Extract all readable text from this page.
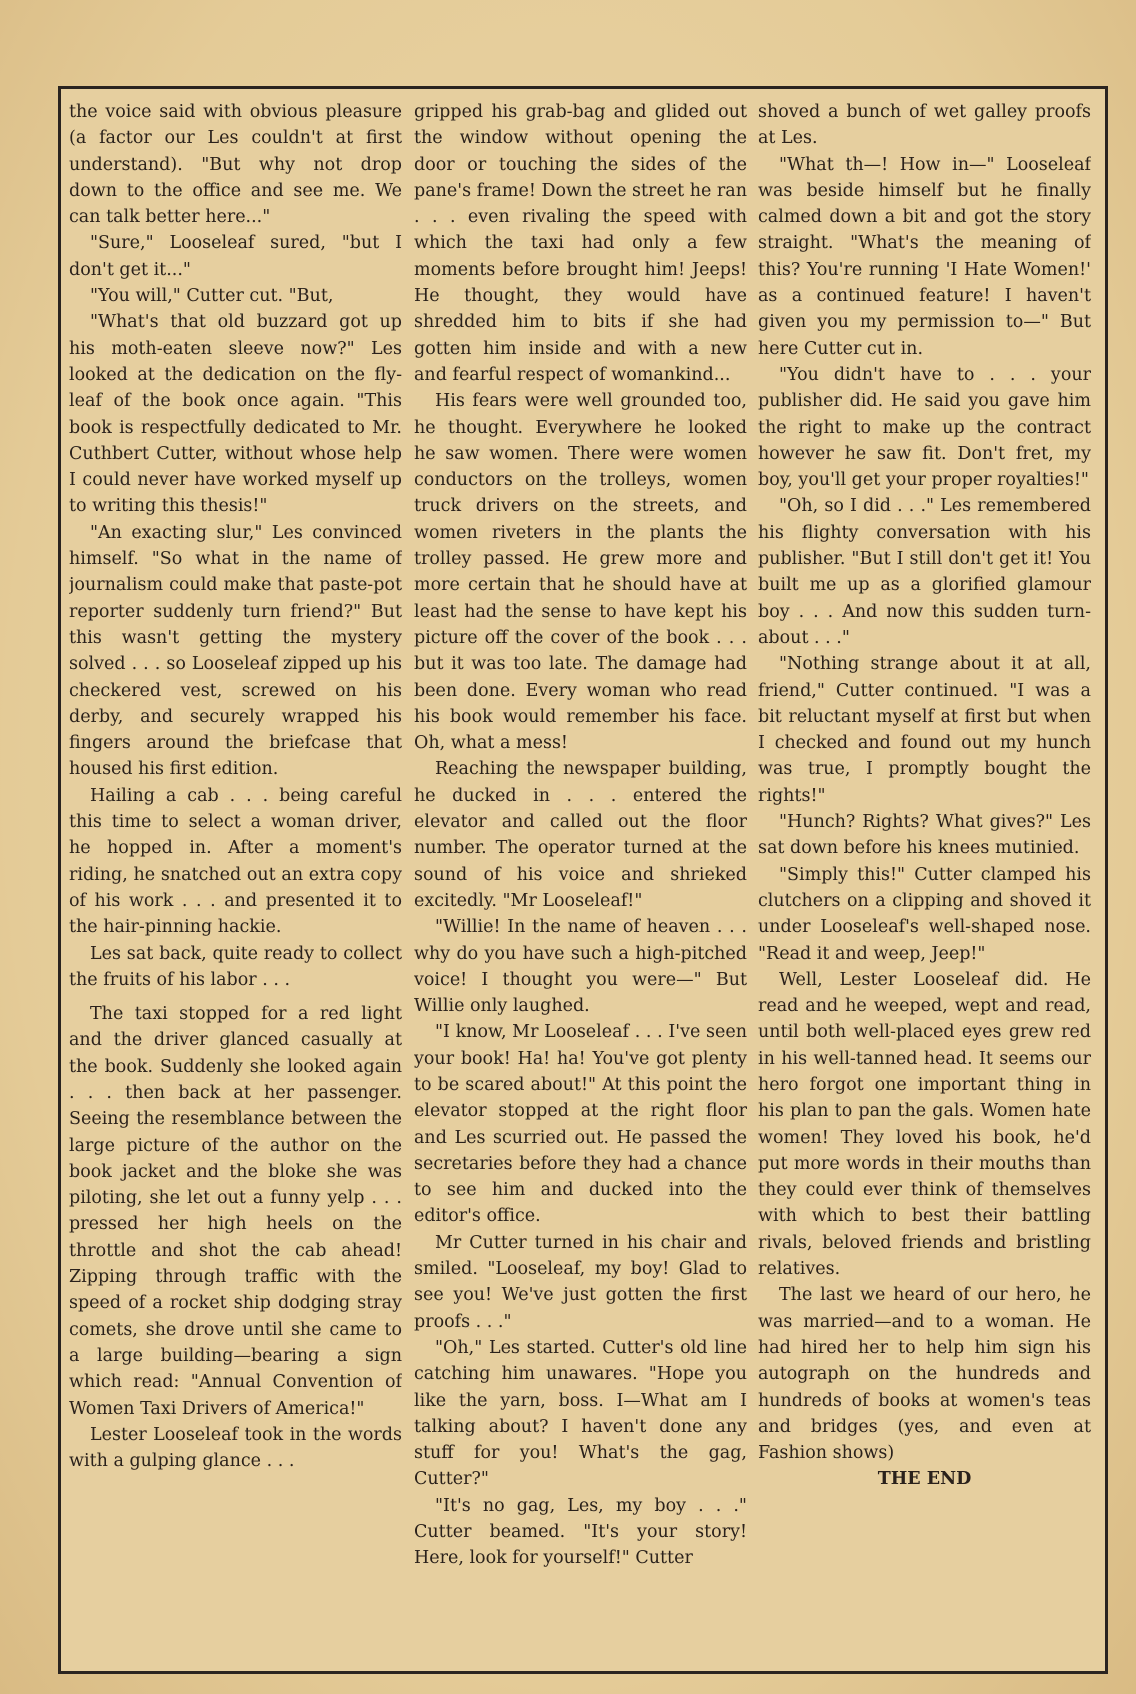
the voice said with obvious pleasure (a factor our Les couldn't at first understand). "But why not drop down to the office and see me. We can talk better here..."

"Sure," Looseleaf sured, "but I don't get it..."

"You will," Cutter cut. "But,

"What's that old buzzard got up his moth-eaten sleeve now?" Les looked at the dedication on the fly-leaf of the book once again. "This book is respectfully dedicated to Mr. Cuthbert Cutter, without whose help I could never have worked myself up to writing this thesis!"

"An exacting slur," Les convinced himself. "So what in the name of journalism could make that paste-pot reporter suddenly turn friend?" But this wasn't getting the mystery solved . . . so Looseleaf zipped up his checkered vest, screwed on his derby, and securely wrapped his fingers around the briefcase that housed his first edition.

Hailing a cab . . . being careful this time to select a woman driver, he hopped in. After a moment's riding, he snatched out an extra copy of his work . . . and presented it to the hair-pinning hackie.

Les sat back, quite ready to collect the fruits of his labor . . .

The taxi stopped for a red light and the driver glanced casually at the book. Suddenly she looked again . . . then back at her passenger. Seeing the resemblance between the large picture of the author on the book jacket and the bloke she was piloting, she let out a funny yelp . . . pressed her high heels on the throttle and shot the cab ahead! Zipping through traffic with the speed of a rocket ship dodging stray comets, she drove until she came to a large building—bearing a sign which read: "Annual Convention of Women Taxi Drivers of America!"

Lester Looseleaf took in the words with a gulping glance . . .

gripped his grab-bag and glided out the window without opening the door or touching the sides of the pane's frame! Down the street he ran . . . even rivaling the speed with which the taxi had only a few moments before brought him! Jeeps! He thought, they would have shredded him to bits if she had gotten him inside and with a new and fearful respect of womankind...

His fears were well grounded too, he thought. Everywhere he looked he saw women. There were women conductors on the trolleys, women truck drivers on the streets, and women riveters in the plants the trolley passed. He grew more and more certain that he should have at least had the sense to have kept his picture off the cover of the book . . . but it was too late. The damage had been done. Every woman who read his book would remember his face. Oh, what a mess!

Reaching the newspaper building, he ducked in . . . entered the elevator and called out the floor number. The operator turned at the sound of his voice and shrieked excitedly. "Mr Looseleaf!"

"Willie! In the name of heaven . . . why do you have such a high-pitched voice! I thought you were—" But Willie only laughed.

"I know, Mr Looseleaf . . . I've seen your book! Ha! ha! You've got plenty to be scared about!" At this point the elevator stopped at the right floor and Les scurried out. He passed the secretaries before they had a chance to see him and ducked into the editor's office.

Mr Cutter turned in his chair and smiled. "Looseleaf, my boy! Glad to see you! We've just gotten the first proofs . . ."

"Oh," Les started. Cutter's old line catching him unawares. "Hope you like the yarn, boss. I—What am I talking about? I haven't done any stuff for you! What's the gag, Cutter?"

"It's no gag, Les, my boy . . ." Cutter beamed. "It's your story! Here, look for yourself!" Cutter

shoved a bunch of wet galley proofs at Les.

"What th—! How in—" Looseleaf was beside himself but he finally calmed down a bit and got the story straight. "What's the meaning of this? You're running 'I Hate Women!' as a continued feature! I haven't given you my permission to—" But here Cutter cut in.

"You didn't have to . . . your publisher did. He said you gave him the right to make up the contract however he saw fit. Don't fret, my boy, you'll get your proper royalties!"

"Oh, so I did . . ." Les remembered his flighty conversation with his publisher. "But I still don't get it! You built me up as a glorified glamour boy . . . And now this sudden turn-about . . ."

"Nothing strange about it at all, friend," Cutter continued. "I was a bit reluctant myself at first but when I checked and found out my hunch was true, I promptly bought the rights!"

"Hunch? Rights? What gives?" Les sat down before his knees mutinied.

"Simply this!" Cutter clamped his clutchers on a clipping and shoved it under Looseleaf's well-shaped nose. "Read it and weep, Jeep!"

Well, Lester Looseleaf did. He read and he weeped, wept and read, until both well-placed eyes grew red in his well-tanned head. It seems our hero forgot one important thing in his plan to pan the gals. Women hate women! They loved his book, he'd put more words in their mouths than they could ever think of themselves with which to best their battling rivals, beloved friends and bristling relatives.

The last we heard of our hero, he was married—and to a woman. He had hired her to help him sign his autograph on the hundreds and hundreds of books at women's teas and bridges (yes, and even at Fashion shows)

THE END
